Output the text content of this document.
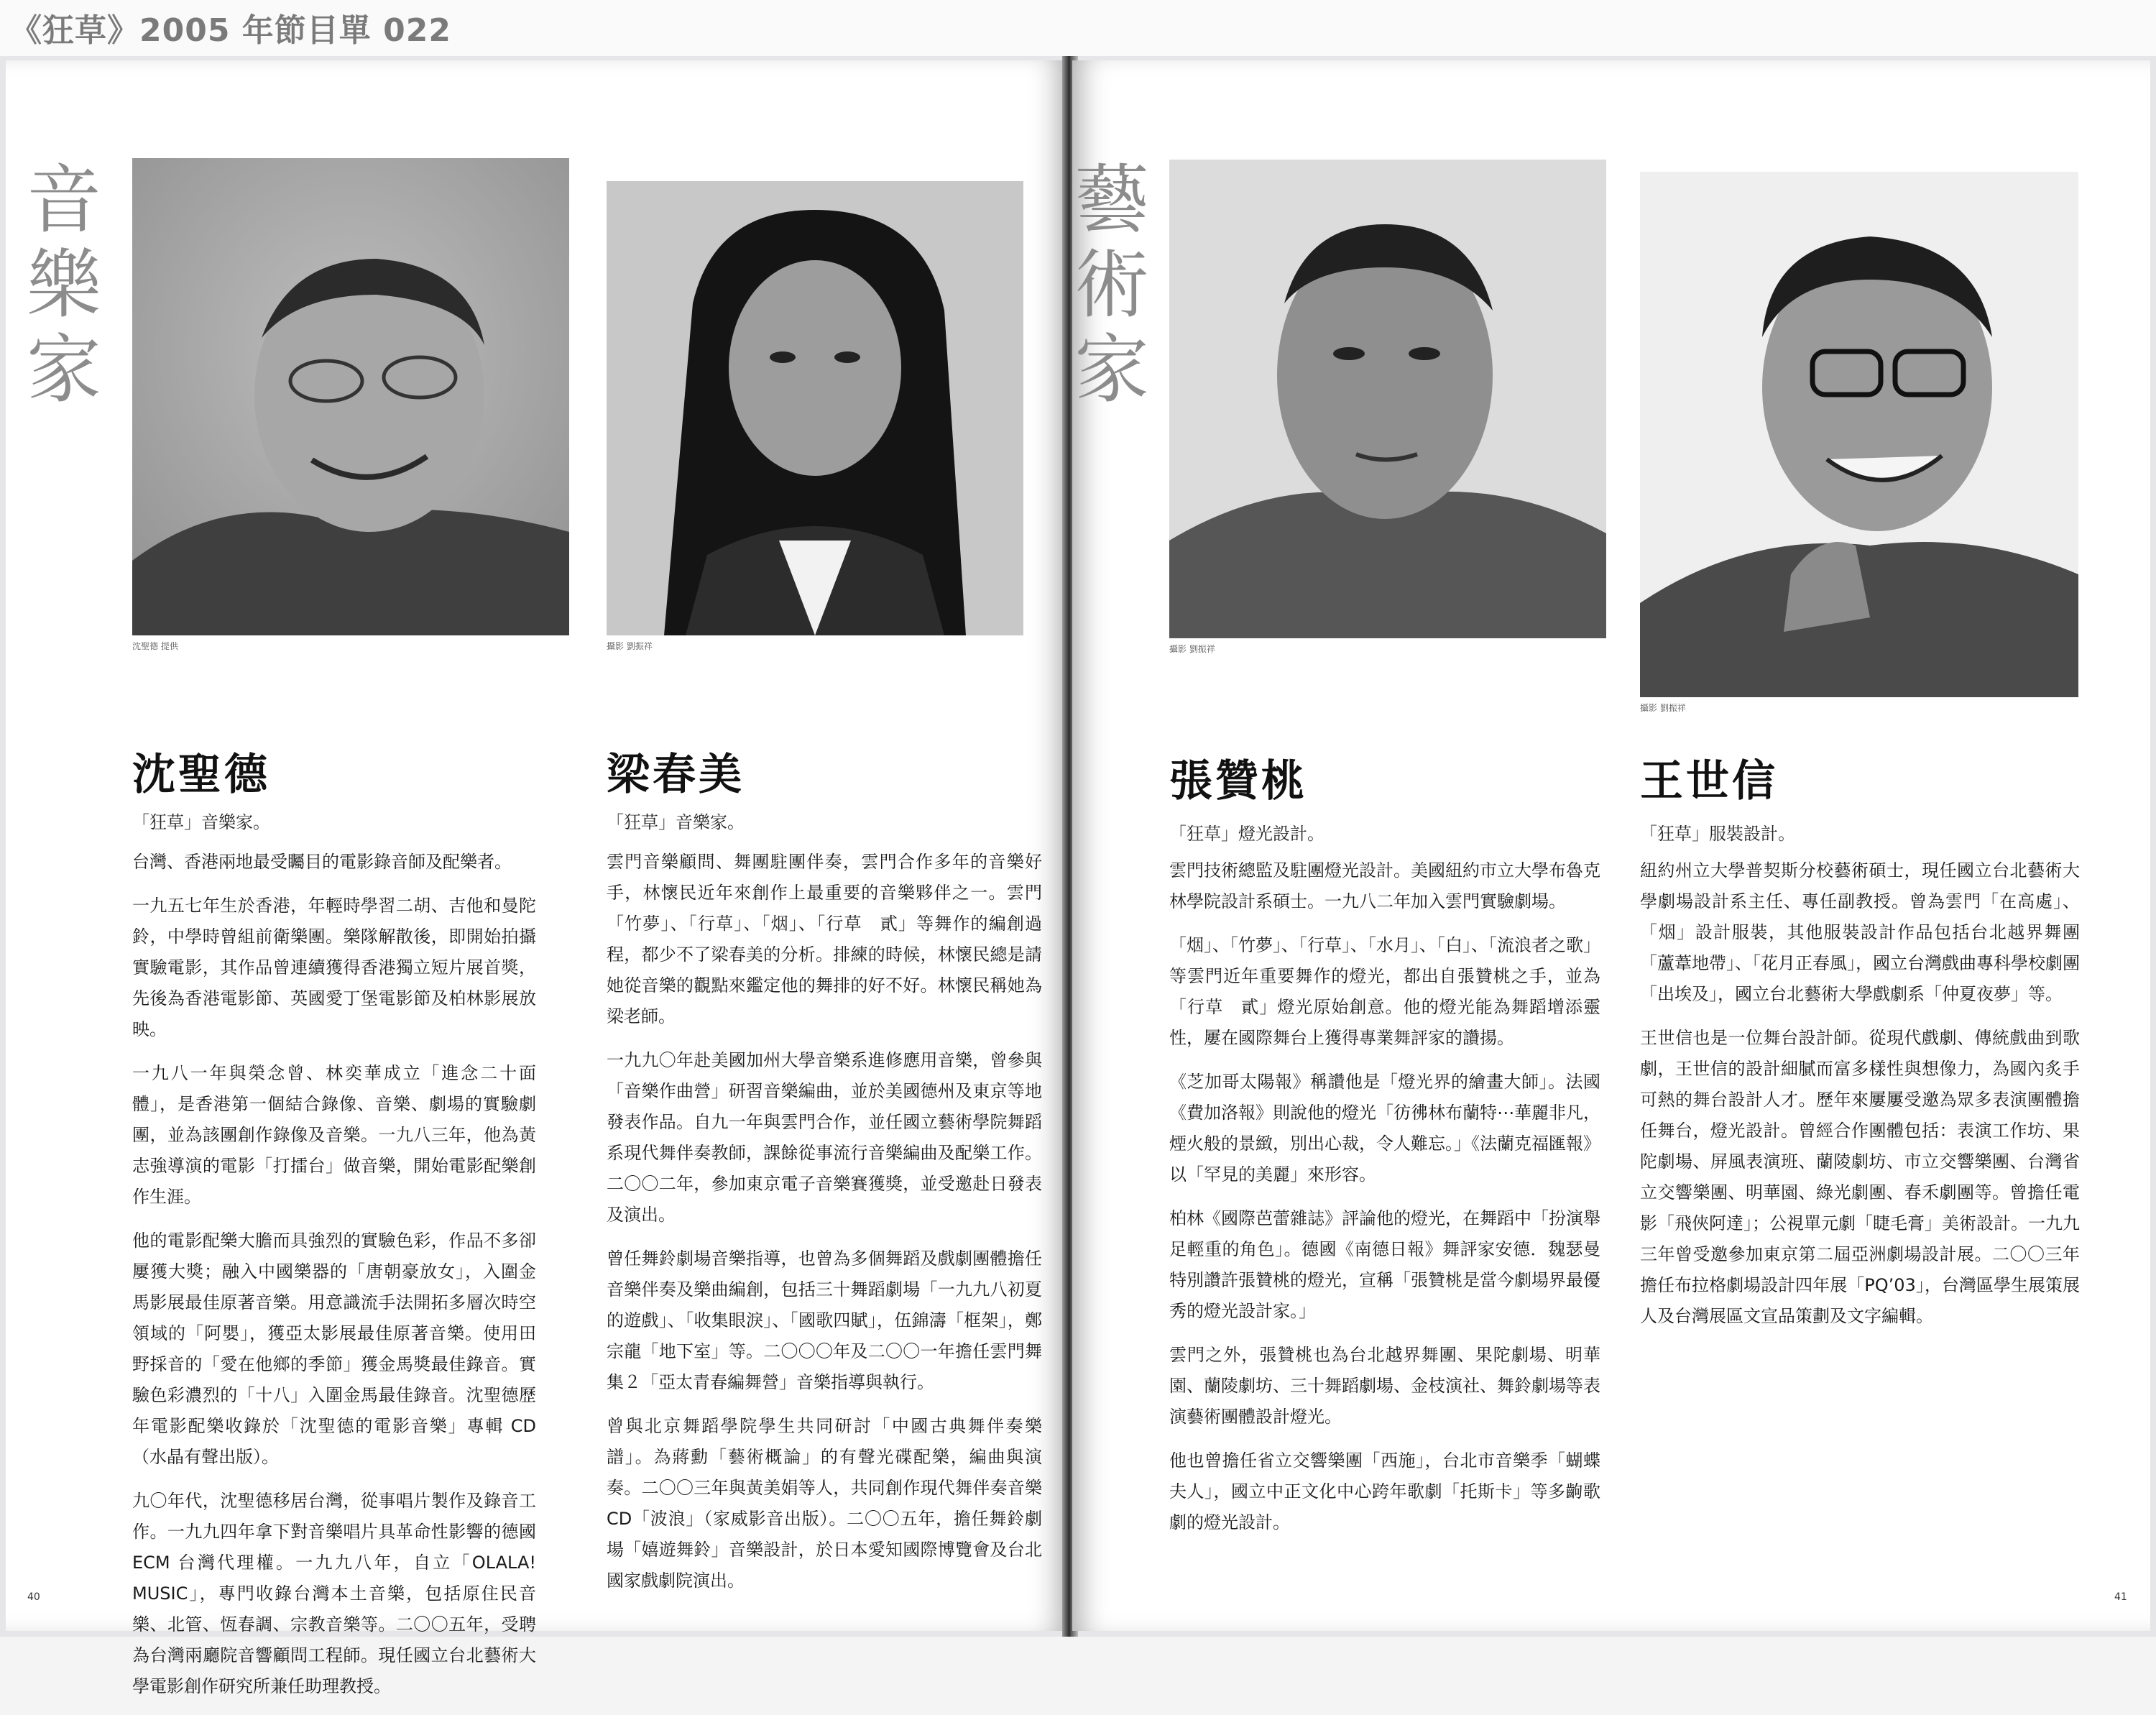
《狂草》2005 年節目單 022
音
樂
家
沈聖德 提供	攝影 劉振祥
沈聖德
「狂草」音樂家。

台灣、香港兩地最受矚目的電影錄音師及配樂者。

一九五七年生於香港，年輕時學習二胡、吉他和曼陀鈴，中學時曾組前衛樂團。樂隊解散後，即開始拍攝實驗電影，其作品曾連續獲得香港獨立短片展首獎，先後為香港電影節、英國愛丁堡電影節及柏林影展放映。

一九八一年與榮念曾、林奕華成立「進念二十面體」，是香港第一個結合錄像、音樂、劇場的實驗劇團，並為該團創作錄像及音樂。一九八三年，他為黃志強導演的電影「打擂台」做音樂，開始電影配樂創作生涯。

他的電影配樂大膽而具強烈的實驗色彩，作品不多卻屢獲大獎；融入中國樂器的「唐朝豪放女」，入圍金馬影展最佳原著音樂。用意識流手法開拓多層次時空領域的「阿嬰」，獲亞太影展最佳原著音樂。使用田野採音的「愛在他鄉的季節」獲金馬獎最佳錄音。實驗色彩濃烈的「十八」入圍金馬最佳錄音。沈聖德歷年電影配樂收錄於「沈聖德的電影音樂」專輯 CD（水晶有聲出版）。

九〇年代，沈聖德移居台灣，從事唱片製作及錄音工作。一九九四年拿下對音樂唱片具革命性影響的德國 ECM 台灣代理權。一九九八年，自立「OLALA! MUSIC」，專門收錄台灣本土音樂，包括原住民音樂、北管、恆春調、宗教音樂等。二〇〇五年，受聘為台灣兩廳院音響顧問工程師。現任國立台北藝術大學電影創作研究所兼任助理教授。

梁春美
「狂草」音樂家。

雲門音樂顧問、舞團駐團伴奏，雲門合作多年的音樂好手，林懷民近年來創作上最重要的音樂夥伴之一。雲門「竹夢」、「行草」、「烟」、「行草　貳」等舞作的編創過程，都少不了梁春美的分析。排練的時候，林懷民總是請她從音樂的觀點來鑑定他的舞排的好不好。林懷民稱她為梁老師。

一九九〇年赴美國加州大學音樂系進修應用音樂，曾參與「音樂作曲營」研習音樂編曲，並於美國德州及東京等地發表作品。自九一年與雲門合作，並任國立藝術學院舞蹈系現代舞伴奏教師，課餘從事流行音樂編曲及配樂工作。二〇〇二年，參加東京電子音樂賽獲獎，並受邀赴日發表及演出。

曾任舞鈴劇場音樂指導，也曾為多個舞蹈及戲劇團體擔任音樂伴奏及樂曲編創，包括三十舞蹈劇場「一九九八初夏的遊戲」、「收集眼淚」、「國歌四賦」，伍錦濤「框架」，鄭宗龍「地下室」等。二〇〇〇年及二〇〇一年擔任雲門舞集２「亞太青春編舞營」音樂指導與執行。

曾與北京舞蹈學院學生共同研討「中國古典舞伴奏樂譜」。為蔣勳「藝術概論」的有聲光碟配樂，編曲與演奏。二〇〇三年與黃美娟等人，共同創作現代舞伴奏音樂 CD「波浪」（家威影音出版）。二〇〇五年，擔任舞鈴劇場「嬉遊舞鈴」音樂設計，於日本愛知國際博覽會及台北國家戲劇院演出。

40
藝
術
家
攝影 劉振祥
攝影 劉振祥
張贊桃
「狂草」燈光設計。

雲門技術總監及駐團燈光設計。美國紐約市立大學布魯克林學院設計系碩士。一九八二年加入雲門實驗劇場。

「烟」、「竹夢」、「行草」、「水月」、「白」、「流浪者之歌」等雲門近年重要舞作的燈光，都出自張贊桃之手，並為「行草　貳」燈光原始創意。他的燈光能為舞蹈增添靈性，屢在國際舞台上獲得專業舞評家的讚揚。

《芝加哥太陽報》稱讚他是「燈光界的繪畫大師」。法國《費加洛報》則說他的燈光「彷彿林布蘭特⋯華麗非凡，煙火般的景緻，別出心裁，令人難忘。」《法蘭克福匯報》以「罕見的美麗」來形容。

柏林《國際芭蕾雜誌》評論他的燈光，在舞蹈中「扮演舉足輕重的角色」。德國《南德日報》舞評家安德．魏瑟曼特別讚許張贊桃的燈光，宣稱「張贊桃是當今劇場界最優秀的燈光設計家。」

雲門之外，張贊桃也為台北越界舞團、果陀劇場、明華園、蘭陵劇坊、三十舞蹈劇場、金枝演社、舞鈴劇場等表演藝術團體設計燈光。

他也曾擔任省立交響樂團「西施」，台北市音樂季「蝴蝶夫人」，國立中正文化中心跨年歌劇「托斯卡」等多齣歌劇的燈光設計。

王世信
「狂草」服裝設計。

紐約州立大學普契斯分校藝術碩士，現任國立台北藝術大學劇場設計系主任、專任副教授。曾為雲門「在高處」、「烟」設計服裝，其他服裝設計作品包括台北越界舞團「蘆葦地帶」、「花月正春風」，國立台灣戲曲專科學校劇團「出埃及」，國立台北藝術大學戲劇系「仲夏夜夢」等。

王世信也是一位舞台設計師。從現代戲劇、傳統戲曲到歌劇，王世信的設計細膩而富多樣性與想像力，為國內炙手可熱的舞台設計人才。歷年來屢屢受邀為眾多表演團體擔任舞台，燈光設計。曾經合作團體包括：表演工作坊、果陀劇場、屏風表演班、蘭陵劇坊、市立交響樂團、台灣省立交響樂團、明華園、綠光劇團、春禾劇團等。曾擔任電影「飛俠阿達」；公視單元劇「睫毛膏」美術設計。一九九三年曾受邀參加東京第二屆亞洲劇場設計展。二〇〇三年擔任布拉格劇場設計四年展「PQ’03」，台灣區學生展策展人及台灣展區文宣品策劃及文字編輯。

41
